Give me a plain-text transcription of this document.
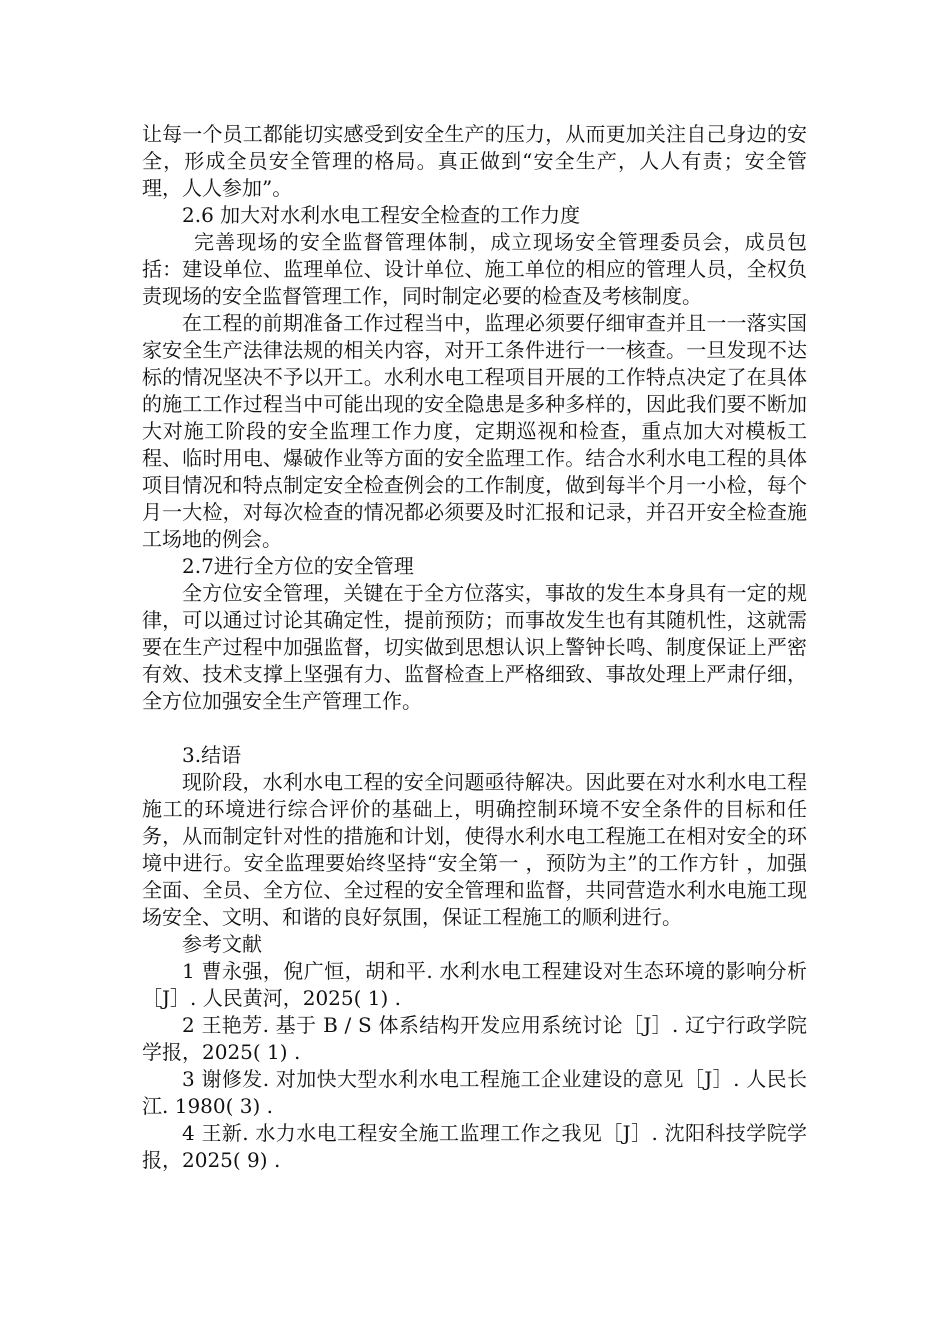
让每一个员工都能切实感受到安全生产的压力，从而更加关注自己身边的安全，形成全员安全管理的格局。真正做到“安全生产，人人有责；安全管理，人人参加”。

2.6 加大对水利水电工程安全检查的工作力度

完善现场的安全监督管理体制，成立现场安全管理委员会，成员包括：建设单位、监理单位、设计单位、施工单位的相应的管理人员，全权负责现场的安全监督管理工作，同时制定必要的检查及考核制度。

在工程的前期准备工作过程当中，监理必须要仔细审查并且一一落实国家安全生产法律法规的相关内容，对开工条件进行一一核查。一旦发现不达标的情况坚决不予以开工。水利水电工程项目开展的工作特点决定了在具体的施工工作过程当中可能出现的安全隐患是多种多样的，因此我们要不断加大对施工阶段的安全监理工作力度，定期巡视和检查，重点加大对模板工程、临时用电、爆破作业等方面的安全监理工作。结合水利水电工程的具体项目情况和特点制定安全检查例会的工作制度，做到每半个月一小检，每个月一大检，对每次检查的情况都必须要及时汇报和记录，并召开安全检查施工场地的例会。

2.7进行全方位的安全管理

全方位安全管理，关键在于全方位落实，事故的发生本身具有一定的规律，可以通过讨论其确定性，提前预防；而事故发生也有其随机性，这就需要在生产过程中加强监督，切实做到思想认识上警钟长鸣、制度保证上严密有效、技术支撑上坚强有力、监督检查上严格细致、事故处理上严肃仔细，全方位加强安全生产管理工作。

3.结语

现阶段，水利水电工程的安全问题亟待解决。因此要在对水利水电工程施工的环境进行综合评价的基础上，明确控制环境不安全条件的目标和任务，从而制定针对性的措施和计划，使得水利水电工程施工在相对安全的环境中进行。安全监理要始终坚持“安全第一 ，预防为主”的工作方针 ，加强全面、全员、全方位、全过程的安全管理和监督，共同营造水利水电施工现场安全、文明、和谐的良好氛围，保证工程施工的顺利进行。

参考文献

1 曹永强，倪广恒，胡和平. 水利水电工程建设对生态环境的影响分析［J］. 人民黄河，2025( 1) .

2 王艳芳. 基于 B / S 体系结构开发应用系统讨论［J］. 辽宁行政学院学报，2025( 1) .

3 谢修发. 对加快大型水利水电工程施工企业建设的意见［J］. 人民长江. 1980( 3) .

4 王新. 水力水电工程安全施工监理工作之我见［J］. 沈阳科技学院学报，2025( 9) .
